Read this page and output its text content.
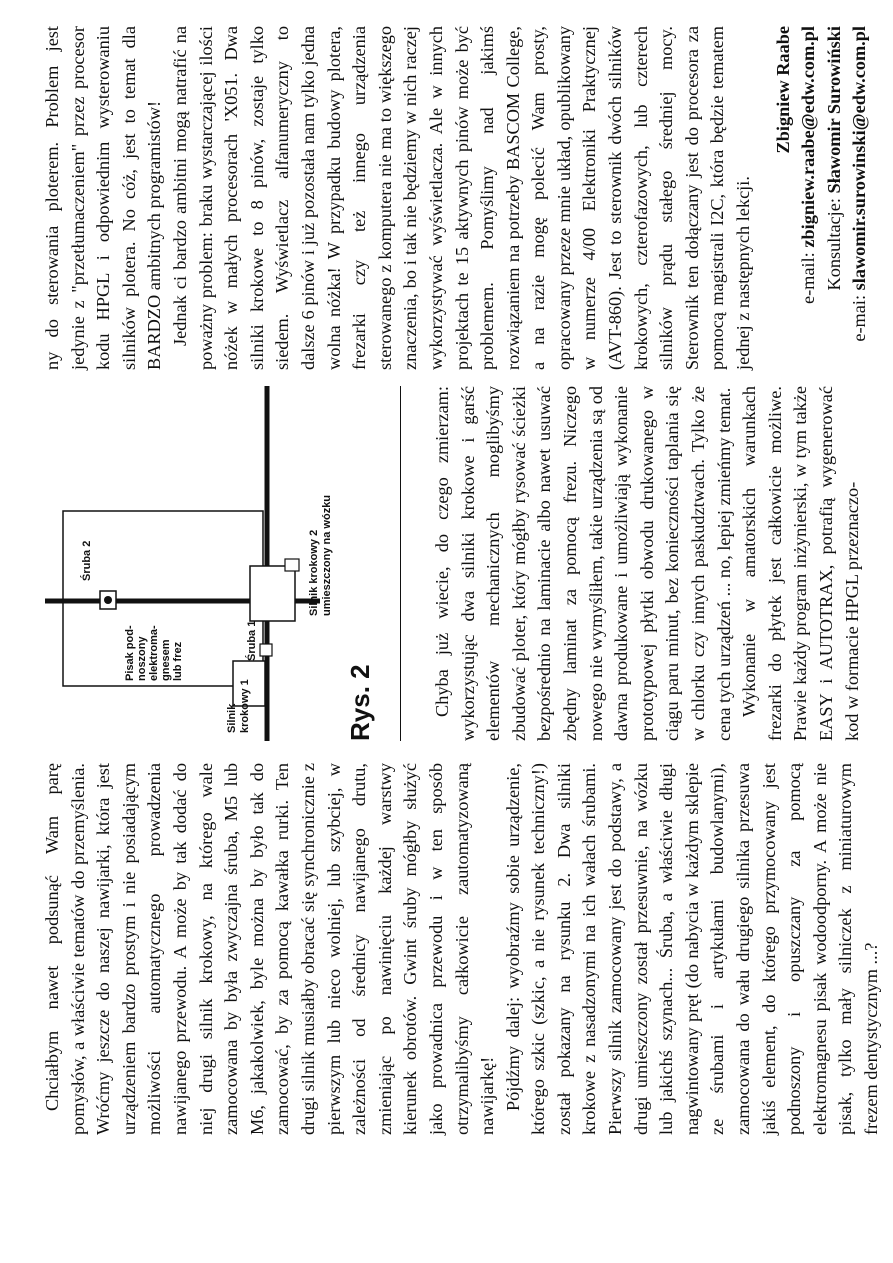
Chciałbym nawet podsunąć Wam parę pomysłów, a właściwie tematów do przemyślenia. Wróćmy jeszcze do naszej nawijarki, która jest urządzeniem bardzo prostym i nie posiadającym możliwości automatycznego prowadzenia nawijanego przewodu. A może by tak dodać do niej drugi silnik krokowy, na którego wale zamocowana by była zwyczajna śruba, M5 lub M6, jakakolwiek, byle można by było tak do zamocować, by za pomocą kawałka rurki. Ten drugi silnik musiałby obracać się synchronicznie z pierwszym lub nieco wolniej, lub szybciej, w zależności od średnicy nawijanego drutu, zmieniając po nawinięciu każdej warstwy kierunek obrotów. Gwint śruby mógłby służyć jako prowadnica przewodu i w ten sposób otrzymalibyśmy całkowicie zautomatyzowaną nawijarkę! Pójdźmy dalej: wyobraźmy sobie urządzenie, którego szkic (szkic, a nie rysunek techniczny!) został pokazany na rysunku 2. Dwa silniki krokowe z nasadzonymi na ich wałach śrubami. Pierwszy silnik zamocowany jest do podstawy, a drugi umieszczony został przesuwnie, na wózku lub jakichś szynach... Śruba, a właściwie długi nagwintowany pręt (do nabycia w każdym sklepie ze śrubami i artykułami budowlanymi), zamocowana do wału drugiego silnika przesuwa jakiś element, do którego przymocowany jest podnoszony i opuszczany za pomocą elektromagnesu pisak wodoodporny. A może nie pisak, tylko mały silniczek z miniaturowym frezem dentystycznym ...?

Silnik krokowy 1
Śruba 1
Śruba 2
Pisak pod- noszony elektroma- gnesem lub frez
Silnik krokowy 2 umieszczony na wózku
Rys. 2	Chyba już wiecie, do czego zmierzam: wykorzystując dwa silniki krokowe i garść elementów mechanicznych moglibyśmy zbudować ploter, który mógłby rysować ścieżki bezpośrednio na laminacie albo nawet usuwać zbędny laminat za pomocą frezu. Niczego nowego nie wymyśliłem, takie urządzenia są od dawna produkowane i umożliwiają wykonanie prototypowej płytki obwodu drukowanego w ciągu paru minut, bez konieczności taplania się w chlorku czy innych paskudztwach. Tylko że cena tych urządzeń ... no, lepiej zmieńmy temat. Wykonanie w amatorskich warunkach frezarki do płytek jest całkowicie możliwe. Prawie każdy program inżynierski, w tym także EASY i AUTOTRAX, potrafią wygenerować kod w formacie HPGL przeznaczo-

ny do sterowania ploterem. Problem jest jedynie z "przetłumaczeniem" przez procesor kodu HPGL i odpowiednim wysterowaniu silników plotera. No cóż, jest to temat dla BARDZO ambitnych programistów! Jednak ci bardzo ambitni mogą natrafić na poważny problem: braku wystarczającej ilości nóżek w małych procesorach 'X051. Dwa silniki krokowe to 8 pinów, zostaje tylko siedem. Wyświetlacz alfanumeryczny to dalsze 6 pinów i już pozostała nam tylko jedna wolna nóżka! W przypadku budowy plotera, frezarki czy też innego urządzenia sterowanego z komputera nie ma to większego znaczenia, bo i tak nie będziemy w nich raczej wykorzystywać wyświetlacza. Ale w innych projektach te 15 aktywnych pinów może być problemem. Pomyślimy nad jakimś rozwiązaniem na potrzeby BASCOM College, a na razie mogę polecić Wam prosty, opracowany przeze mnie układ, opublikowany w numerze 4/00 Elektroniki Praktycznej (AVT-860). Jest to sterownik dwóch silników krokowych, czterofazowych, lub czterech silników prądu stałego średniej mocy. Sterownik ten dołączany jest do procesora za pomocą magistrali I2C, która będzie tematem jednej z następnych lekcji.

Zbigniew Raabe

e-mail: zbigniew.raabe@edw.com.pl Konsultacje: Sławomir Surowiński

e-mai: slawomir.surowinski@edw.com.pl
